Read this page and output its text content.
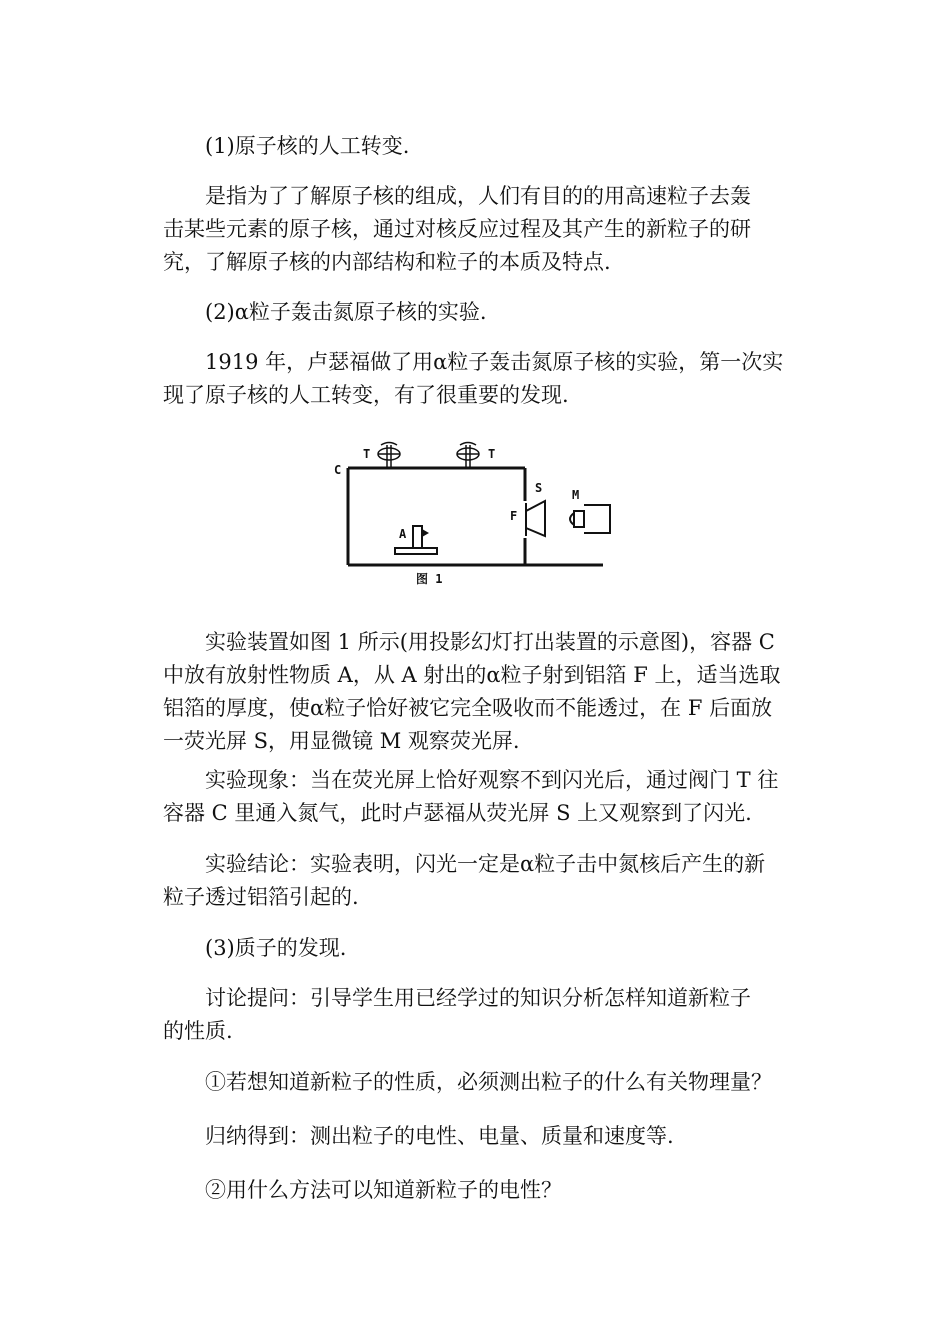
(1)原子核的人工转变.

是指为了了解原子核的组成，人们有目的的用高速粒子去轰
击某些元素的原子核，通过对核反应过程及其产生的新粒子的研
究，了解原子核的内部结构和粒子的本质及特点.

(2)α粒子轰击氮原子核的实验.

1919 年，卢瑟福做了用α粒子轰击氮原子核的实验，第一次实
现了原子核的人工转变，有了很重要的发现.

C
T	T
S M
F
A
图 1

实验装置如图 1 所示(用投影幻灯打出装置的示意图)，容器 C
中放有放射性物质 A，从 A 射出的α粒子射到铝箔 F 上，适当选取
铝箔的厚度，使α粒子恰好被它完全吸收而不能透过，在 F 后面放
一荧光屏 S，用显微镜 M 观察荧光屏.

实验现象：当在荧光屏上恰好观察不到闪光后，通过阀门 T 往
容器 C 里通入氮气，此时卢瑟福从荧光屏 S 上又观察到了闪光.

实验结论：实验表明，闪光一定是α粒子击中氮核后产生的新
粒子透过铝箔引起的.

(3)质子的发现.

讨论提问：引导学生用已经学过的知识分析怎样知道新粒子
的性质.

①若想知道新粒子的性质，必须测出粒子的什么有关物理量？

归纳得到：测出粒子的电性、电量、质量和速度等.

②用什么方法可以知道新粒子的电性？
